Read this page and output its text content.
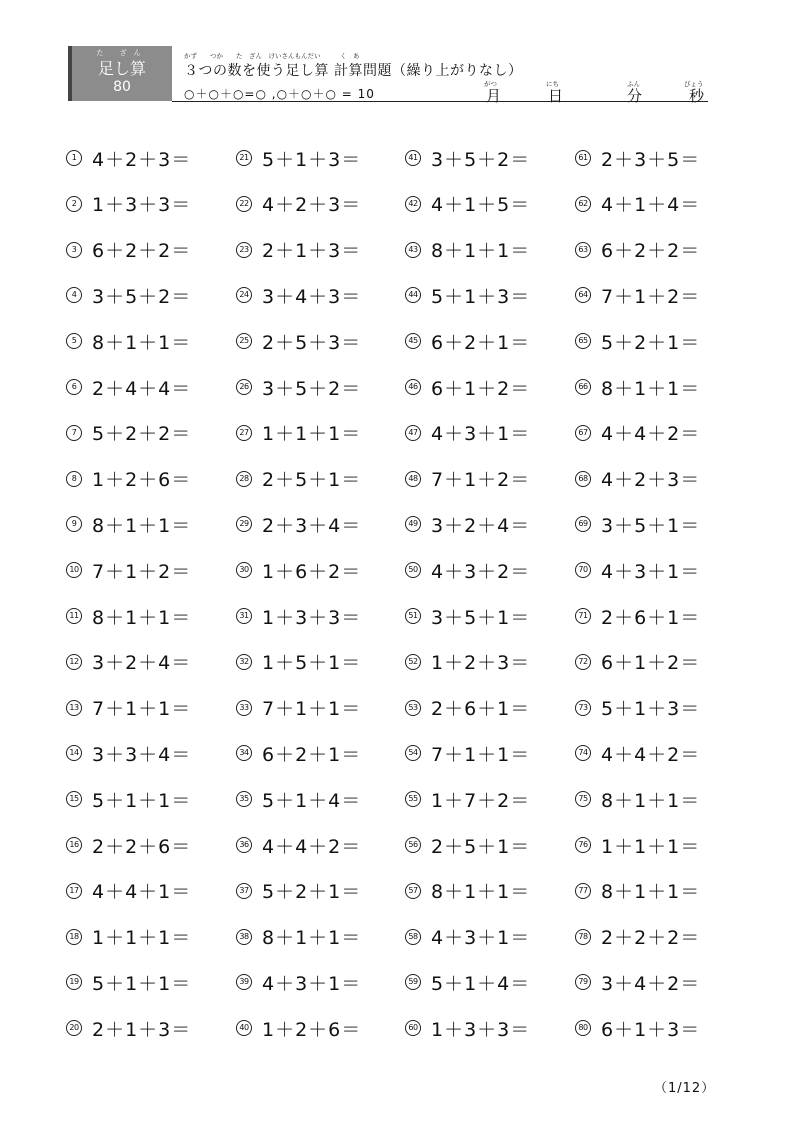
た ざん
足し算
80
かず　　つか　　た　ざん　けいさんもんだい　　　く　あ
３つの数を使う足し算 計算問題（繰り上がりなし）
○＋○＋○=○ ,○＋○＋○ = 10
がつ
月
にち
日
ふん
分
びょう
秒
1 4＋2＋3＝
2 1＋3＋3＝
3 6＋2＋2＝
4 3＋5＋2＝
5 8＋1＋1＝
6 2＋4＋4＝
7 5＋2＋2＝
8 1＋2＋6＝
9 8＋1＋1＝
10 7＋1＋2＝
11 8＋1＋1＝
12 3＋2＋4＝
13 7＋1＋1＝
14 3＋3＋4＝
15 5＋1＋1＝
16 2＋2＋6＝
17 4＋4＋1＝
18 1＋1＋1＝
19 5＋1＋1＝
20 2＋1＋3＝
21 5＋1＋3＝
22 4＋2＋3＝
23 2＋1＋3＝
24 3＋4＋3＝
25 2＋5＋3＝
26 3＋5＋2＝
27 1＋1＋1＝
28 2＋5＋1＝
29 2＋3＋4＝
30 1＋6＋2＝
31 1＋3＋3＝
32 1＋5＋1＝
33 7＋1＋1＝
34 6＋2＋1＝
35 5＋1＋4＝
36 4＋4＋2＝
37 5＋2＋1＝
38 8＋1＋1＝
39 4＋3＋1＝
40 1＋2＋6＝
41 3＋5＋2＝
42 4＋1＋5＝
43 8＋1＋1＝
44 5＋1＋3＝
45 6＋2＋1＝
46 6＋1＋2＝
47 4＋3＋1＝
48 7＋1＋2＝
49 3＋2＋4＝
50 4＋3＋2＝
51 3＋5＋1＝
52 1＋2＋3＝
53 2＋6＋1＝
54 7＋1＋1＝
55 1＋7＋2＝
56 2＋5＋1＝
57 8＋1＋1＝
58 4＋3＋1＝
59 5＋1＋4＝
60 1＋3＋3＝
61 2＋3＋5＝
62 4＋1＋4＝
63 6＋2＋2＝
64 7＋1＋2＝
65 5＋2＋1＝
66 8＋1＋1＝
67 4＋4＋2＝
68 4＋2＋3＝
69 3＋5＋1＝
70 4＋3＋1＝
71 2＋6＋1＝
72 6＋1＋2＝
73 5＋1＋3＝
74 4＋4＋2＝
75 8＋1＋1＝
76 1＋1＋1＝
77 8＋1＋1＝
78 2＋2＋2＝
79 3＋4＋2＝
80 6＋1＋3＝
（1/12）
